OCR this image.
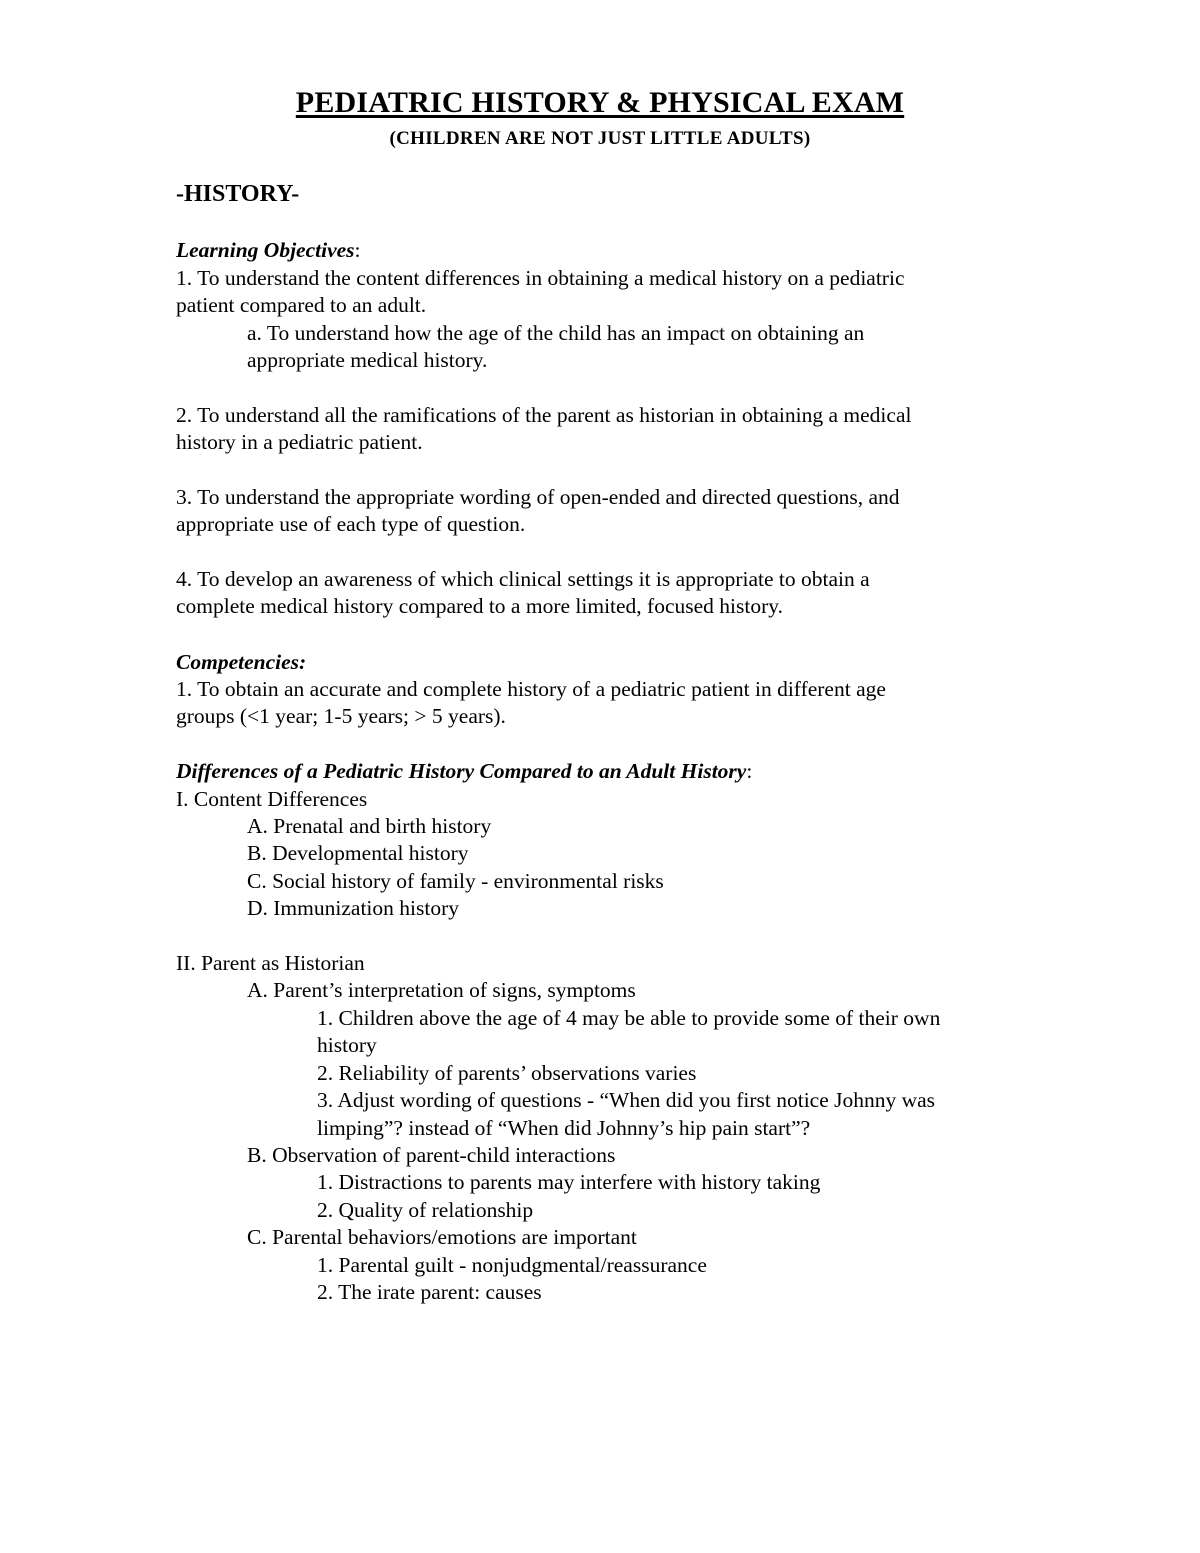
PEDIATRIC HISTORY & PHYSICAL EXAM
(CHILDREN ARE NOT JUST LITTLE ADULTS)
-HISTORY-
Learning Objectives:
1. To understand the content differences in obtaining a medical history on a pediatric
patient compared to an adult.
a. To understand how the age of the child has an impact on obtaining an
appropriate medical history.
2. To understand all the ramifications of the parent as historian in obtaining a medical
history in a pediatric patient.
3. To understand the appropriate wording of open-ended and directed questions, and
appropriate use of each type of question.
4. To develop an awareness of which clinical settings it is appropriate to obtain a
complete medical history compared to a more limited, focused history.
Competencies:
1. To obtain an accurate and complete history of a pediatric patient in different age
groups (<1 year; 1-5 years; > 5 years).
Differences of a Pediatric History Compared to an Adult History:
I. Content Differences
A. Prenatal and birth history
B. Developmental history
C. Social history of family - environmental risks
D. Immunization history
II. Parent as Historian
A. Parent’s interpretation of signs, symptoms
1. Children above the age of 4 may be able to provide some of their own
history
2. Reliability of parents’ observations varies
3. Adjust wording of questions - “When did you first notice Johnny was
limping”? instead of “When did Johnny’s hip pain start”?
B. Observation of parent-child interactions
1. Distractions to parents may interfere with history taking
2. Quality of relationship
C. Parental behaviors/emotions are important
1. Parental guilt - nonjudgmental/reassurance
2. The irate parent: causes
